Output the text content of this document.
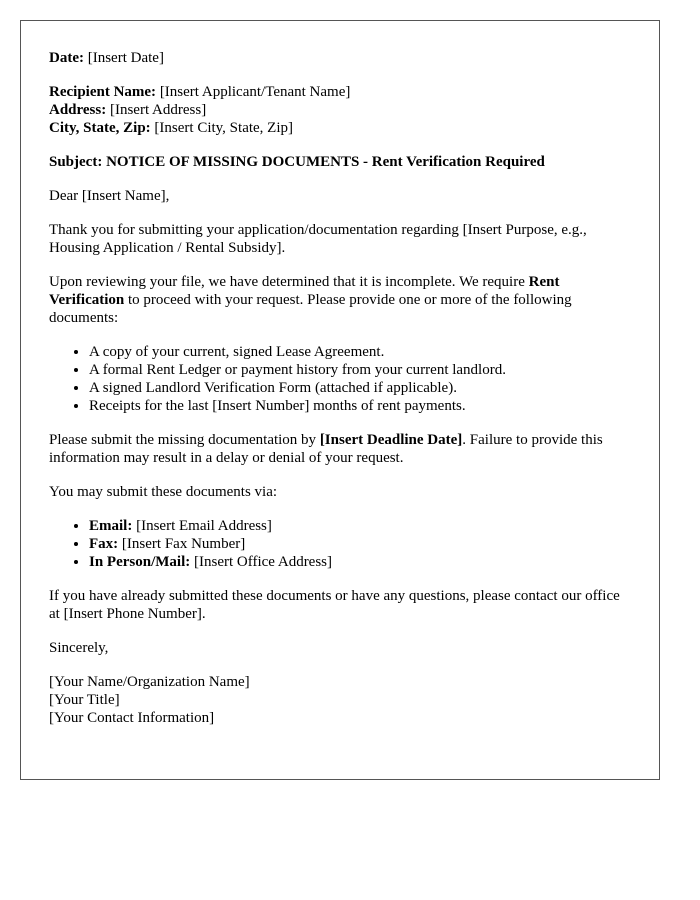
Date: [Insert Date]

Recipient Name: [Insert Applicant/Tenant Name]

Address: [Insert Address]

City, State, Zip: [Insert City, State, Zip]

Subject: NOTICE OF MISSING DOCUMENTS - Rent Verification Required

Dear [Insert Name],

Thank you for submitting your application/documentation regarding [Insert Purpose, e.g., Housing Application / Rental Subsidy].

Upon reviewing your file, we have determined that it is incomplete. We require Rent Verification to proceed with your request. Please provide one or more of the following documents:

• A copy of your current, signed Lease Agreement.
• A formal Rent Ledger or payment history from your current landlord.
• A signed Landlord Verification Form (attached if applicable).
• Receipts for the last [Insert Number] months of rent payments.

Please submit the missing documentation by [Insert Deadline Date]. Failure to provide this information may result in a delay or denial of your request.

You may submit these documents via:

• Email: [Insert Email Address]
• Fax: [Insert Fax Number]
• In Person/Mail: [Insert Office Address]

If you have already submitted these documents or have any questions, please contact our office at [Insert Phone Number].

Sincerely,

[Your Name/Organization Name]

[Your Title]

[Your Contact Information]
